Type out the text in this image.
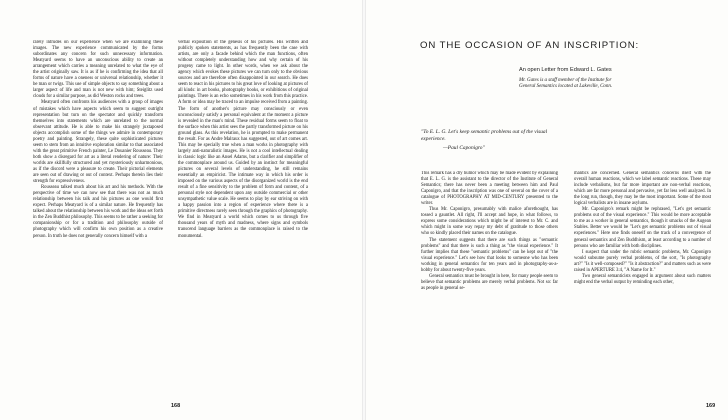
rarely intrudes on our experience when we are examining these images. The new experience communicated by the forms subordinates any concern for such unnecessary information. Meatyard seems to have an unconscious ability to create an arrangement which carries a meaning unrelated to what the eye of the artist originally saw. It is as if he is confirming the idea that all forms of nature have a oneness or universal relationship, whether it be man or twigs. This use of simple objects to say something about a larger aspect of life and man is not new with him; Steiglitz used clouds for a similar purpose, as did Weston rocks and trees.

Meatyard often confronts his audiences with a group of images of mistakes which have aspects which seem to suggest outright representation but turn on the spectator and quickly transform themselves into statements which are unrelated to the normal observant attitude. He is able to make his strangely juxtaposed objects accomplish some of the things we admire in contemporary poetry and painting. Strangely, these quite sophisticated pictures seem to stem from an intuitive exploration similar to that associated with the great primitive French painter, Le Douanier Rousseau. They both show a disregard for art as a literal rendering of nature: Their worlds are skillfully structured and yet mysteriously unharmonious, as if the discord were a pleasure to create. Their pictorial elements are seen out of drawing or out of context. Perhaps therein lies their strength for expressiveness.

Rousseau talked much about his art and his methods. With the perspective of time we can now see that there was not as much relationship between his talk and his pictures as one would first expect. Perhaps Meatyard is of a similar nature. He frequently has talked about the relationship between his work and the ideas set forth in the Zen Buddhist philosophy. This seems to be rather a seeking for companionship or for a tradition and philosophy outside of photography which will confirm his own position as a creative person. In truth he does not generally concern himself with a

verbal exposition of the genesis of his pictures. His written and publicly spoken statements, as has frequently been the case with artists, are only a facade behind which the man functions, often without completely understanding how and why certain of his progeny came to light. In other words, when we ask about the agency which evokes these pictures we can turn only to the obvious sources and are therefore often disappointed in our search. He does seem to react in his pictures to his great love of looking at pictures of all kinds: in art books, photography books, or exhibitions of original paintings. There is an echo sometimes in his work from this practice. A form or idea may be traced to an impulse received from a painting. The form of another's picture may consciously or even unconsciously satisfy a personal equivalent at the moment a picture is revealed in the man's mind. These residual forms seem to float to the surface when this artist sees the partly transformed picture on his ground glass. As this revelation, he is prompted to make permanent the result. For as Andre Malraux has suggested, out of art comes art. This may be specially true when a man works in photography with largely anti-naturalistic images. He is not a cool intellectual dealing in classic logic like an Ansel Adams, but a clarifier and simplifier of the commonplace around us. Guided by an instinct for meaningful pictures on several levels of understanding, he still remains essentially an empiricist. The intimate way in which his order is imposed on the various aspects of the disorganized world is the end result of a fine sensitivity to the problem of form and content, of a personal style not dependent upon any outside commercial or other unsympathetic value scale. He seems to play by ear striving on with a happy passion into a region of experience where there is a primitive directness rarely seen through the graphics of photography. We find in Meatyard a world which comes to us through five thousand years of myth and madness, where signs and symbols transcend language barriers as the commonplace is raised to the monumental.

168
ON THE OCCASION OF AN INSCRIPTION:
An open Letter from Edward L. Gates
Mr. Gates is a staff member of the Institute for General Semantics located at Lakeville, Conn.
"To E. L. G. Let's keep semantic problems out of the visual experience.
—Paul Caponigro"

This remark has a dry humor which may be made evident by explaining that E. L. G. is the assistant to the director of the Institute of General Semantics; there has never been a meeting between him and Paul Caponigro, and that the inscription was one of several on the cover of a catalogue of PHOTOGRAPHY AT MID-CENTURY presented to the writer.

Thus Mr. Caponigro, presumably with malice aforethought, has tossed a gauntlet. All right, I'll accept and hope, in what follows, to express some considerations which might be of interest to Mr. C. and which might in some way repay my debt of gratitude to those others who so kindly placed their names on the catalogue.

The statement suggests that there are such things as "semantic problems" and that there is such a thing as "the visual experience." It further implies that these "semantic problems" can be kept out of "the visual experience." Let's see how that looks to someone who has been working in general semantics for ten years and in photography-as-a-hobby for about twenty-five years.

General semantics must be brought in here, for many people seem to believe that semantic problems are merely verbal problems. Not so: far as people in general se-

mantics are concerned. General semantics concerns itself with the overall human reactions, which we label semantic reactions. These may include verbalisms, but far more important are non-verbal reactions, which are far more personal and pervasive, yet far less well analyzed. In the long run, though, they may be the most important. Some of the most logical verbalists are in insane asylums.

Mr. Caponigro's remark might be rephrased, "Let's get semantic problems out of the visual experience." This would be more acceptable to me as a worker in general semantics, though it smacks of the Augean Stables. Better we would be "Let's get semantic problems out of visual experiences." Here one finds oneself on the track of a convergence of general semantics and Zen Buddhism, at least according to a number of persons who are familiar with both disciplines.

I suspect that under the rubric semantic problems, Mr. Caponigro would subsume purely verbal problems, of the sort, "Is photography art?" "Is it well-composed?" "Is it abstraction?" and matters such as were raised in APERTURE 3:4, "A Name for It."

Two general semanticists engaged in argument about such matters might end the verbal output by reminding each other,

169
